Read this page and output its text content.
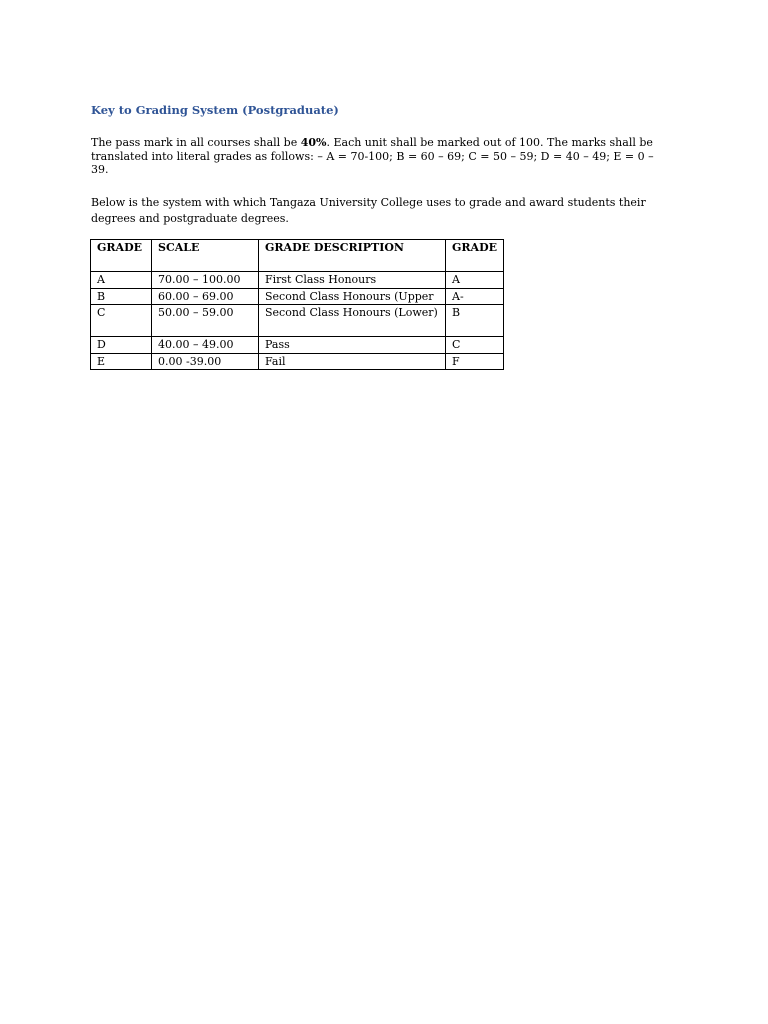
Key to Grading System (Postgraduate)

The pass mark in all courses shall be 40%. Each unit shall be marked out of 100. The marks shall be translated into literal grades as follows: – A = 70-100; B = 60 – 69; C = 50 – 59; D = 40 – 49; E = 0 – 39.

Below is the system with which Tangaza University College uses to grade and award students their degrees and postgraduate degrees.

GRADE	SCALE	GRADE DESCRIPTION	GRADE
A	70.00 – 100.00	First Class Honours	A
B	60.00 – 69.00	Second Class Honours (Upper	A-
C	50.00 – 59.00	Second Class Honours (Lower)	B
D	40.00 – 49.00	Pass	C
E	0.00 -39.00	Fail	F
